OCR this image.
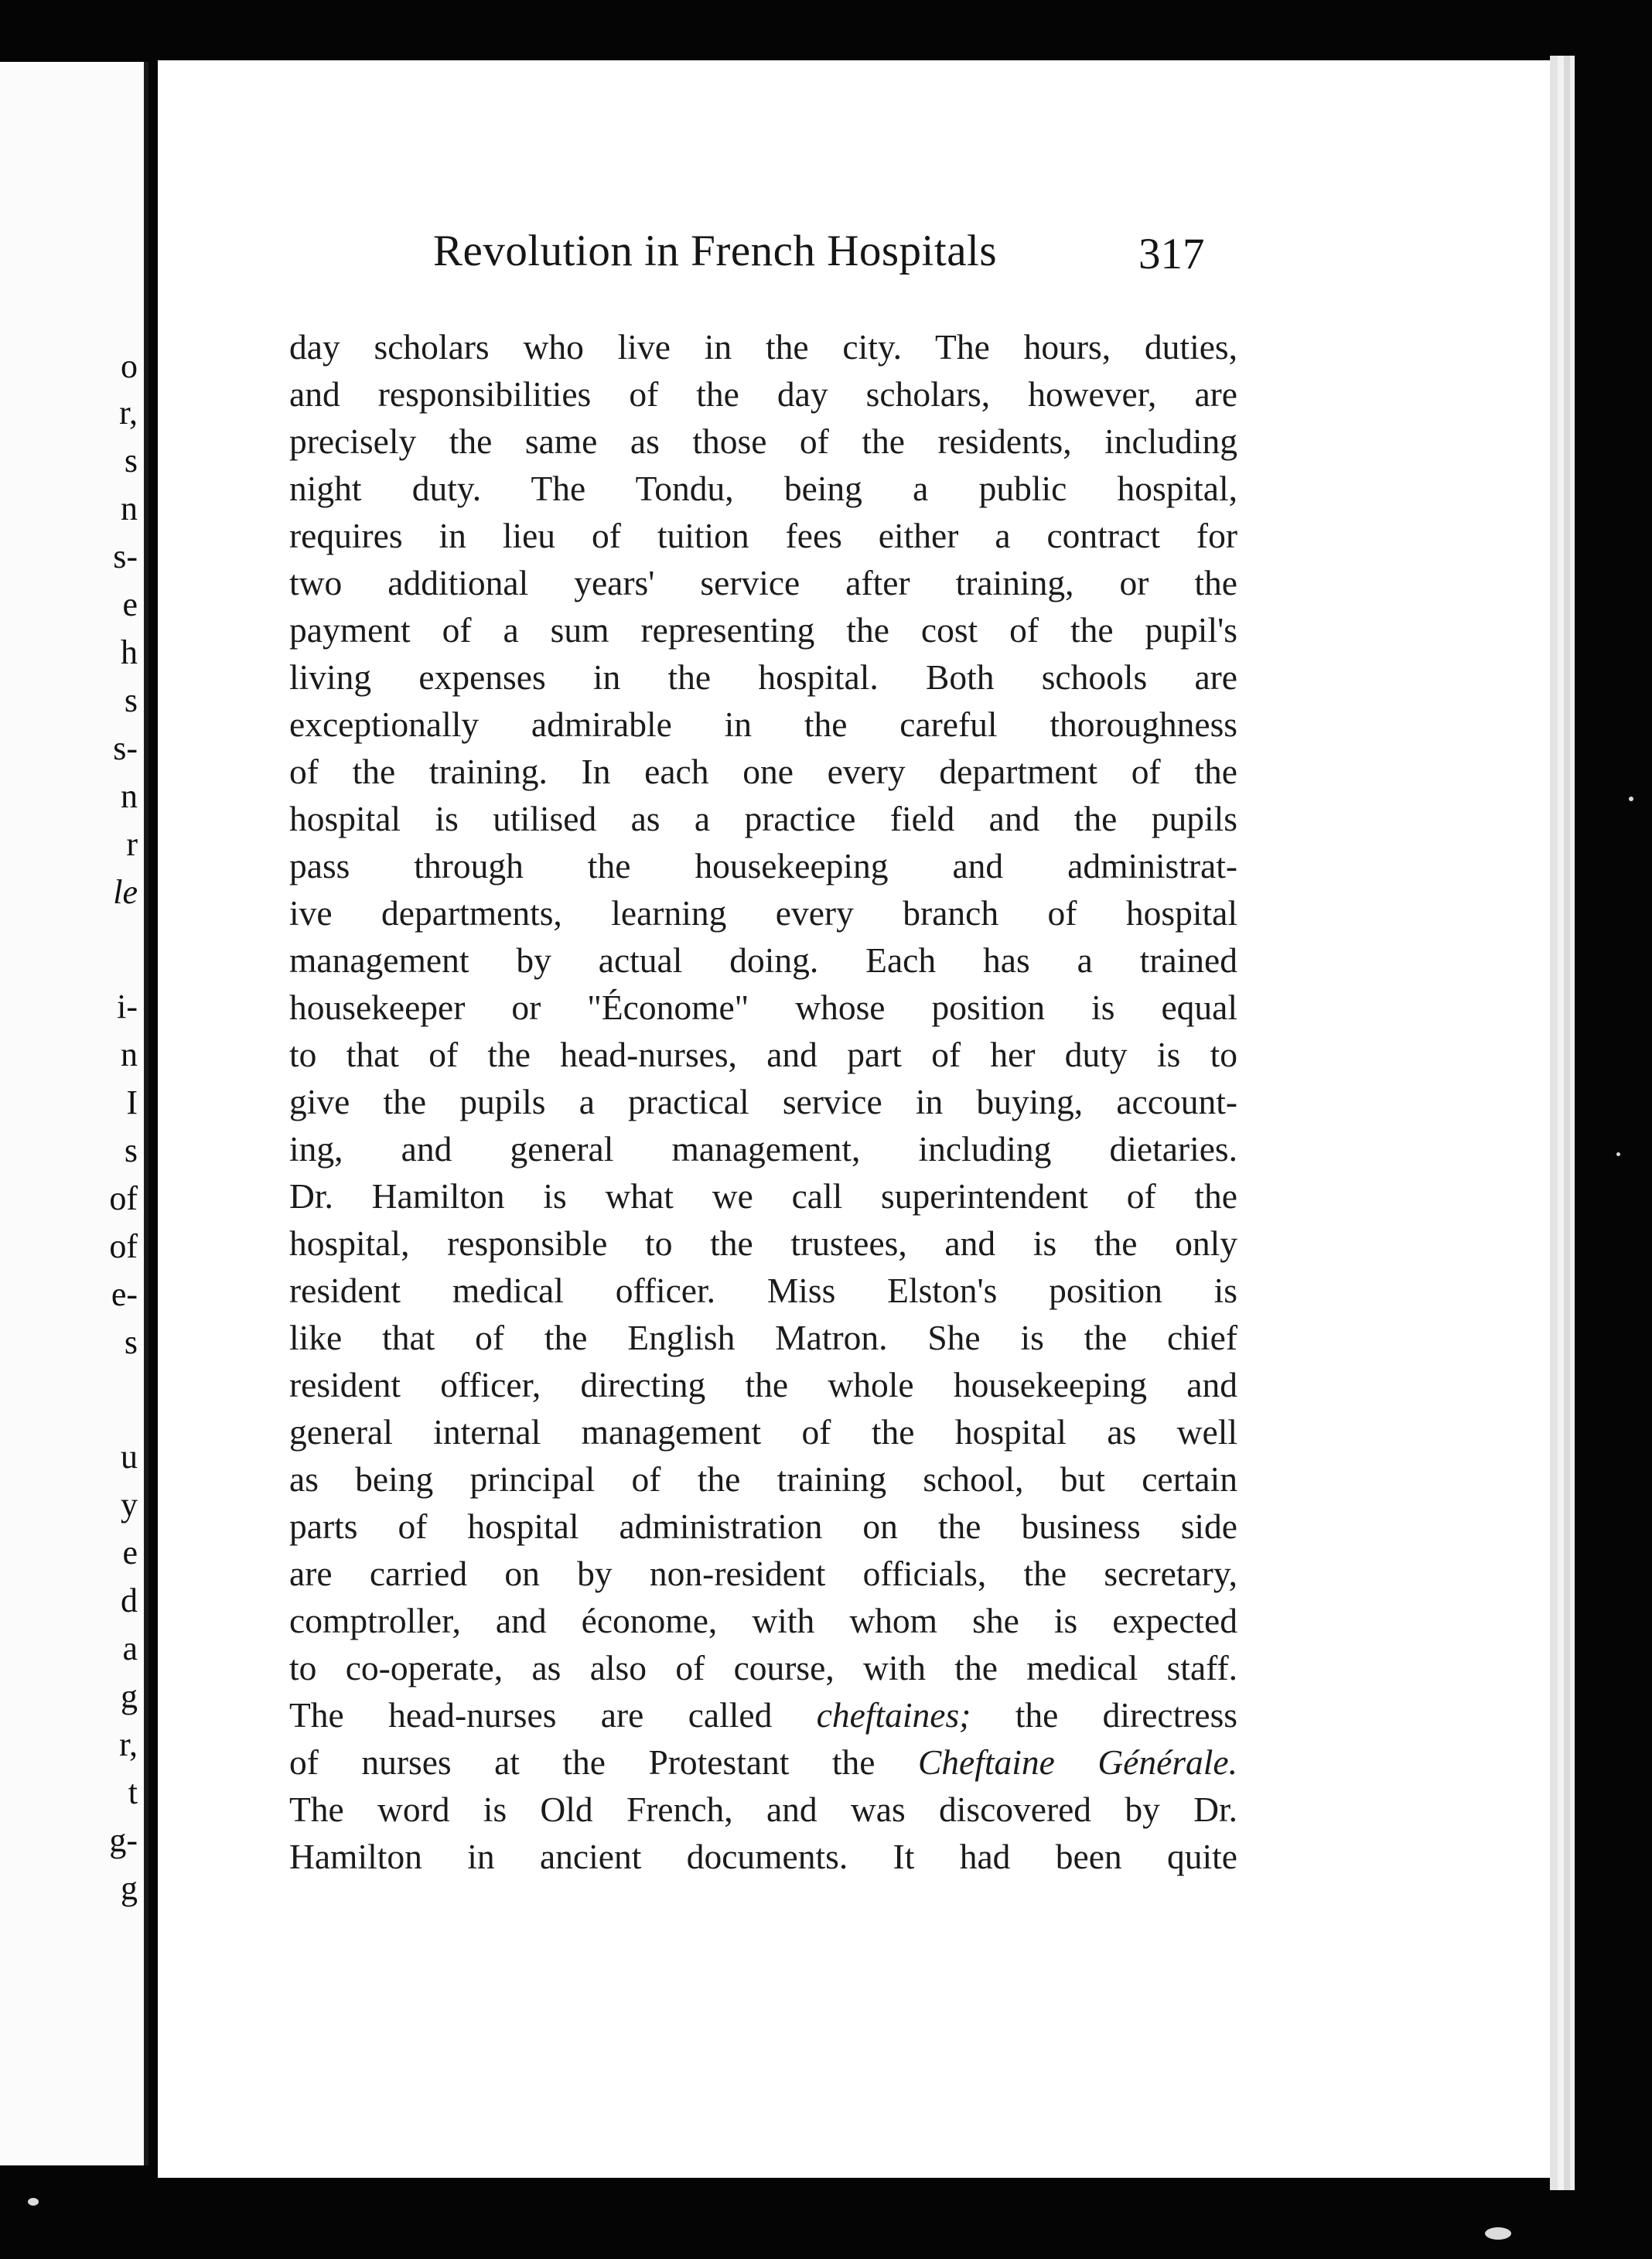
o
r,
s
n
s-
e
h
s
s-
n
r
le
i-
n
I
s
of
of
e-
s
u
y
e
d
a
g
r,
t
g-
g
Revolution in French Hospitals	317
day scholars who live in the city. The hours, duties,
and responsibilities of the day scholars, however, are
precisely the same as those of the residents, including
night duty. The Tondu, being a public hospital,
requires in lieu of tuition fees either a contract for
two additional years' service after training, or the
payment of a sum representing the cost of the pupil's
living expenses in the hospital. Both schools are
exceptionally admirable in the careful thoroughness
of the training. In each one every department of the
hospital is utilised as a practice field and the pupils
pass through the housekeeping and administrat-
ive departments, learning every branch of hospital
management by actual doing. Each has a trained
housekeeper or "Économe" whose position is equal
to that of the head-nurses, and part of her duty is to
give the pupils a practical service in buying, account-
ing, and general management, including dietaries.
Dr. Hamilton is what we call superintendent of the
hospital, responsible to the trustees, and is the only
resident medical officer. Miss Elston's position is
like that of the English Matron. She is the chief
resident officer, directing the whole housekeeping and
general internal management of the hospital as well
as being principal of the training school, but certain
parts of hospital administration on the business side
are carried on by non-resident officials, the secretary,
comptroller, and économe, with whom she is expected
to co-operate, as also of course, with the medical staff.
The head-nurses are called cheftaines; the directress
of nurses at the Protestant the Cheftaine Générale.
The word is Old French, and was discovered by Dr.
Hamilton in ancient documents. It had been quite
